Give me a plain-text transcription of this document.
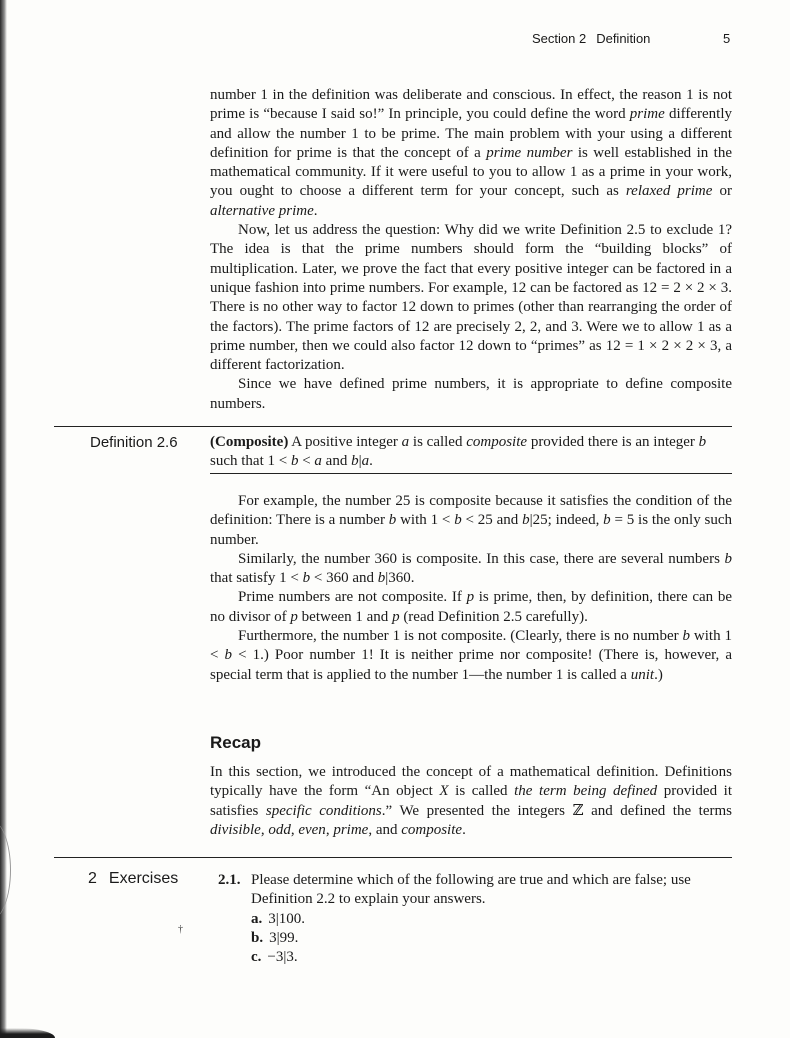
Section 2 Definition	5

number 1 in the definition was deliberate and conscious. In effect, the reason 1 is not prime is “because I said so!” In principle, you could define the word prime differently and allow the number 1 to be prime. The main problem with your using a different definition for prime is that the concept of a prime number is well established in the mathematical community. If it were useful to you to allow 1 as a prime in your work, you ought to choose a different term for your concept, such as relaxed prime or alternative prime.

Now, let us address the question: Why did we write Definition 2.5 to exclude 1? The idea is that the prime numbers should form the “building blocks” of multiplication. Later, we prove the fact that every positive integer can be factored in a unique fashion into prime numbers. For example, 12 can be factored as 12 = 2 × 2 × 3. There is no other way to factor 12 down to primes (other than rearranging the order of the factors). The prime factors of 12 are precisely 2, 2, and 3. Were we to allow 1 as a prime number, then we could also factor 12 down to “primes” as 12 = 1 × 2 × 2 × 3, a different factorization.

Since we have defined prime numbers, it is appropriate to define composite numbers.

Definition 2.6 (Composite) A positive integer a is called composite provided there is an integer b such that 1 < b < a and b|a.

For example, the number 25 is composite because it satisfies the condition of the definition: There is a number b with 1 < b < 25 and b|25; indeed, b = 5 is the only such number.

Similarly, the number 360 is composite. In this case, there are several numbers b that satisfy 1 < b < 360 and b|360.

Prime numbers are not composite. If p is prime, then, by definition, there can be no divisor of p between 1 and p (read Definition 2.5 carefully).

Furthermore, the number 1 is not composite. (Clearly, there is no number b with 1 < b < 1.) Poor number 1! It is neither prime nor composite! (There is, however, a special term that is applied to the number 1—the number 1 is called a unit.)

Recap

In this section, we introduced the concept of a mathematical definition. Definitions typically have the form “An object X is called the term being defined provided it satisfies specific conditions.” We presented the integers ℤ and defined the terms divisible, odd, even, prime, and composite.

2 Exercises
†
2.1. Please determine which of the following are true and which are false; use Definition 2.2 to explain your answers.
a. 3|100.
b. 3|99.
c. −3|3.
